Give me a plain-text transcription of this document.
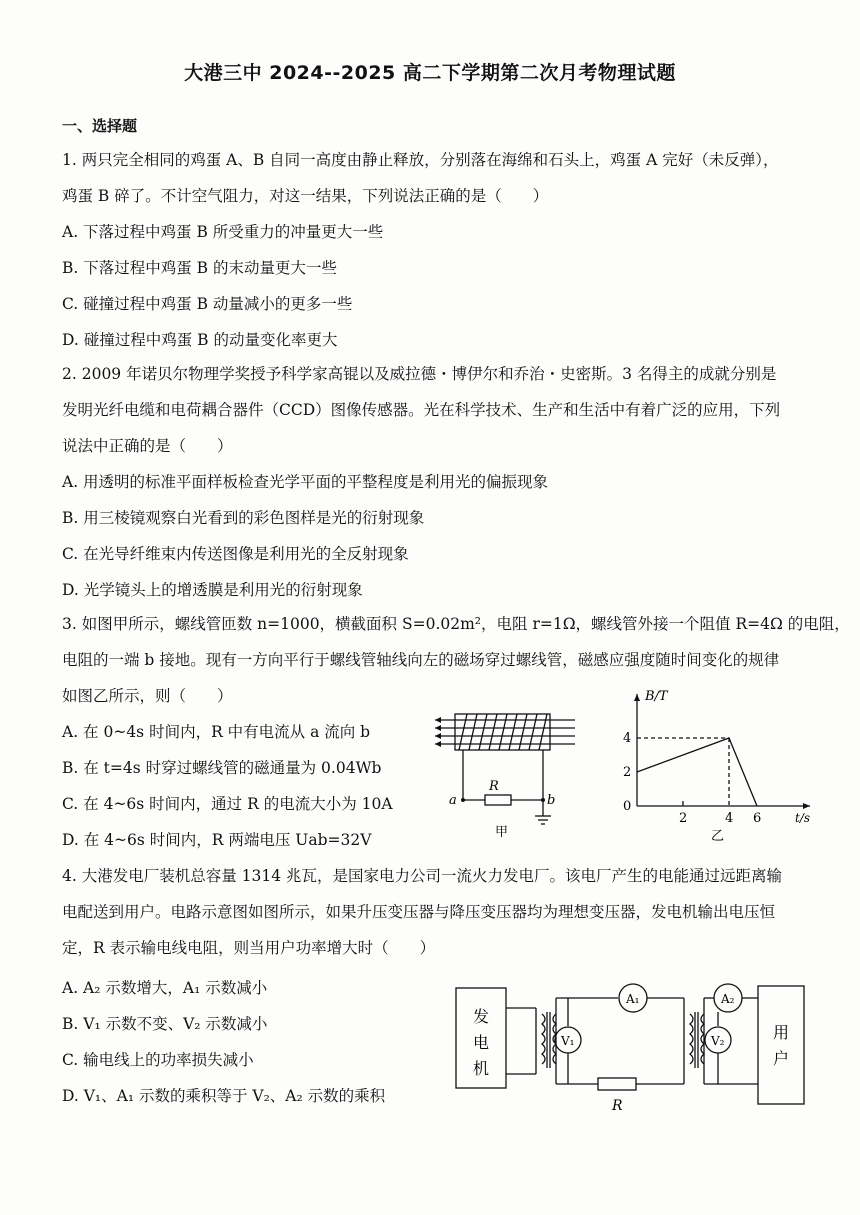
大港三中 2024--2025 高二下学期第二次月考物理试题
一、选择题
1. 两只完全相同的鸡蛋 A、B 自同一高度由静止释放，分别落在海绵和石头上，鸡蛋 A 完好（未反弹），
鸡蛋 B 碎了。不计空气阻力，对这一结果，下列说法正确的是（　　）
A. 下落过程中鸡蛋 B 所受重力的冲量更大一些
B. 下落过程中鸡蛋 B 的末动量更大一些
C. 碰撞过程中鸡蛋 B 动量减小的更多一些
D. 碰撞过程中鸡蛋 B 的动量变化率更大
2. 2009 年诺贝尔物理学奖授予科学家高锟以及威拉德・博伊尔和乔治・史密斯。3 名得主的成就分别是
发明光纤电缆和电荷耦合器件（CCD）图像传感器。光在科学技术、生产和生活中有着广泛的应用，下列
说法中正确的是（　　）
A. 用透明的标准平面样板检查光学平面的平整程度是利用光的偏振现象
B. 用三棱镜观察白光看到的彩色图样是光的衍射现象
C. 在光导纤维束内传送图像是利用光的全反射现象
D. 光学镜头上的增透膜是利用光的衍射现象
3. 如图甲所示，螺线管匝数 n=1000，横截面积 S=0.02m²，电阻 r=1Ω，螺线管外接一个阻值 R=4Ω 的电阻，
电阻的一端 b 接地。现有一方向平行于螺线管轴线向左的磁场穿过螺线管，磁感应强度随时间变化的规律
如图乙所示，则（　　）
A. 在 0~4s 时间内，R 中有电流从 a 流向 b
B. 在 t=4s 时穿过螺线管的磁通量为 0.04Wb
C. 在 4~6s 时间内，通过 R 的电流大小为 10A
D. 在 4~6s 时间内，R 两端电压 Uab=32V
R
a	b
甲
B/T
t/s
0
2
4
2	4 6
乙
4. 大港发电厂装机总容量 1314 兆瓦，是国家电力公司一流火力发电厂。该电厂产生的电能通过远距离输
电配送到用户。电路示意图如图所示，如果升压变压器与降压变压器均为理想变压器，发电机输出电压恒
定，R 表示输电线电阻，则当用户功率增大时（　　）
A. A₂ 示数增大，A₁ 示数减小
B. V₁ 示数不变、V₂ 示数减小
C. 输电线上的功率损失减小
D. V₁、A₁ 示数的乘积等于 V₂、A₂ 示数的乘积
发电机
A₁	A₂
V₁	V₂
R
用户
